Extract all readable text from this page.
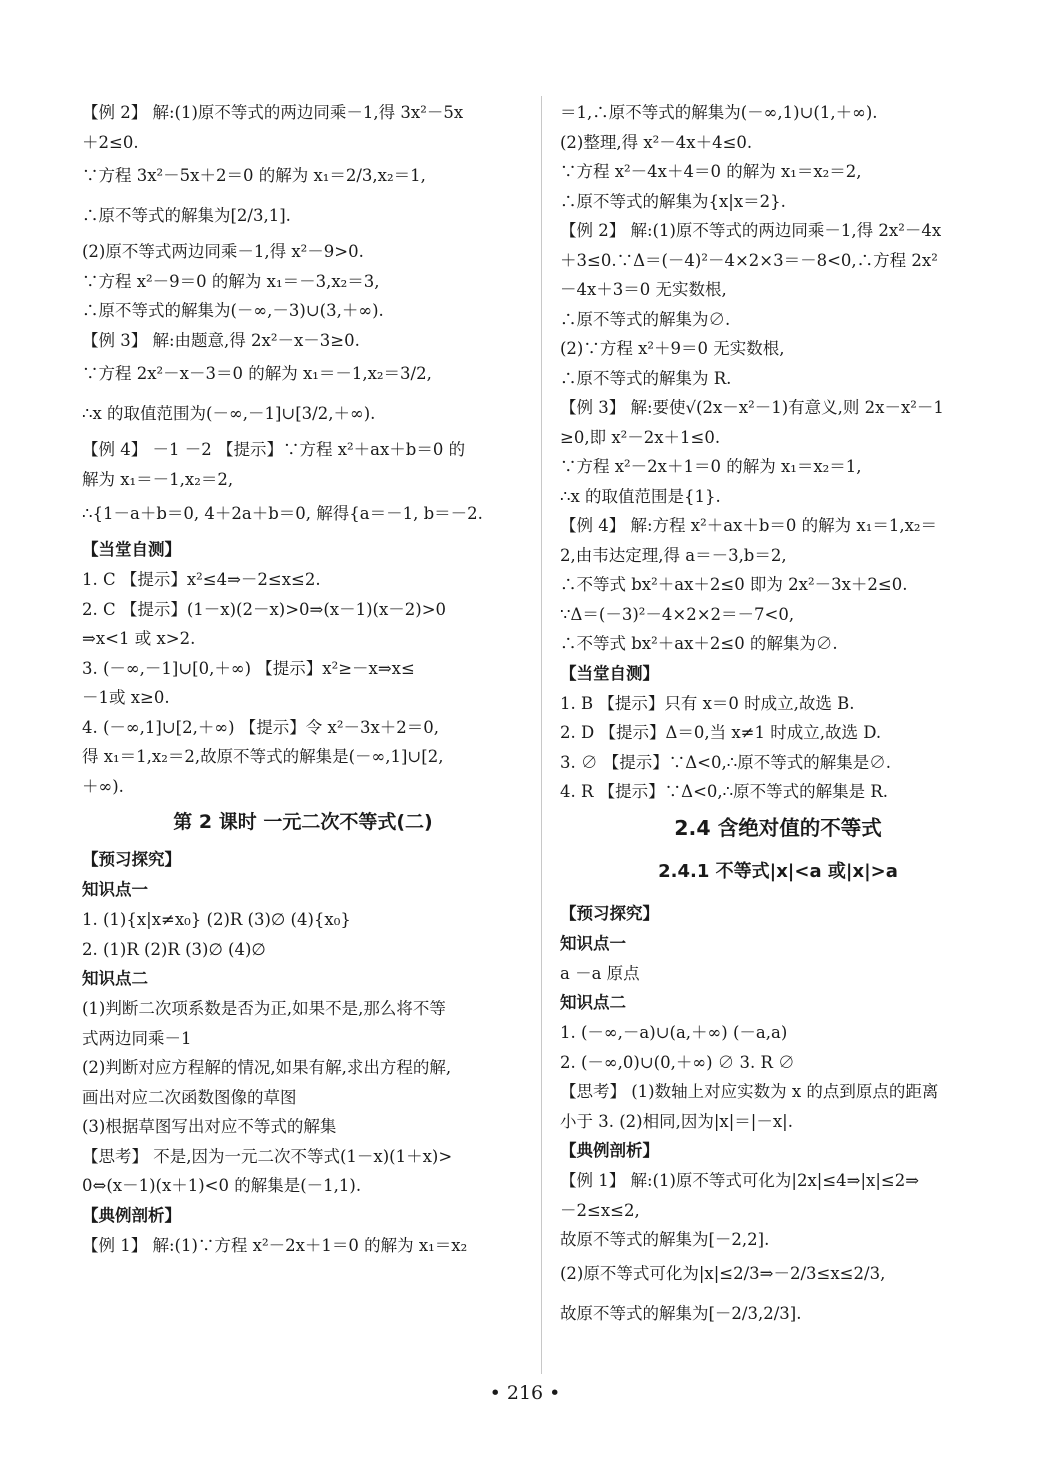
【例 2】 解:(1)原不等式的两边同乘－1,得 3x²－5x
＋2≤0.
∵方程 3x²－5x＋2＝0 的解为 x₁＝2/3,x₂＝1,
∴原不等式的解集为[2/3,1].
(2)原不等式两边同乘－1,得 x²－9>0.
∵方程 x²－9＝0 的解为 x₁＝－3,x₂＝3,
∴原不等式的解集为(－∞,－3)∪(3,＋∞).
【例 3】 解:由题意,得 2x²－x－3≥0.
∵方程 2x²－x－3＝0 的解为 x₁＝－1,x₂＝3/2,
∴x 的取值范围为(－∞,－1]∪[3/2,＋∞).
【例 4】 －1 －2 【提示】∵方程 x²＋ax＋b＝0 的
解为 x₁＝－1,x₂＝2,
∴{1－a＋b＝0, 4＋2a＋b＝0, 解得{a＝－1, b＝－2.
【当堂自测】
1. C 【提示】x²≤4⇒－2≤x≤2.
2. C 【提示】(1－x)(2－x)>0⇒(x－1)(x－2)>0
⇒x<1 或 x>2.
3. (－∞,－1]∪[0,＋∞) 【提示】x²≥－x⇒x≤
－1或 x≥0.
4. (－∞,1]∪[2,＋∞) 【提示】令 x²－3x＋2＝0,
得 x₁＝1,x₂＝2,故原不等式的解集是(－∞,1]∪[2,
＋∞).
第 2 课时 一元二次不等式(二)
【预习探究】
知识点一
1. (1){x|x≠x₀} (2)R (3)∅ (4){x₀}
2. (1)R (2)R (3)∅ (4)∅
知识点二
(1)判断二次项系数是否为正,如果不是,那么将不等
式两边同乘－1
(2)判断对应方程解的情况,如果有解,求出方程的解,
画出对应二次函数图像的草图
(3)根据草图写出对应不等式的解集
【思考】 不是,因为一元二次不等式(1－x)(1＋x)>
0⇔(x－1)(x＋1)<0 的解集是(－1,1).
【典例剖析】
【例 1】 解:(1)∵方程 x²－2x＋1＝0 的解为 x₁＝x₂
＝1,∴原不等式的解集为(－∞,1)∪(1,＋∞).
(2)整理,得 x²－4x＋4≤0.
∵方程 x²－4x＋4＝0 的解为 x₁＝x₂＝2,
∴原不等式的解集为{x|x＝2}.
【例 2】 解:(1)原不等式的两边同乘－1,得 2x²－4x
＋3≤0.∵Δ＝(－4)²－4×2×3＝－8<0,∴方程 2x²
－4x＋3＝0 无实数根,
∴原不等式的解集为∅.
(2)∵方程 x²＋9＝0 无实数根,
∴原不等式的解集为 R.
【例 3】 解:要使√(2x－x²－1)有意义,则 2x－x²－1
≥0,即 x²－2x＋1≤0.
∵方程 x²－2x＋1＝0 的解为 x₁＝x₂＝1,
∴x 的取值范围是{1}.
【例 4】 解:方程 x²＋ax＋b＝0 的解为 x₁＝1,x₂＝
2,由韦达定理,得 a＝－3,b＝2,
∴不等式 bx²＋ax＋2≤0 即为 2x²－3x＋2≤0.
∵Δ＝(－3)²－4×2×2＝－7<0,
∴不等式 bx²＋ax＋2≤0 的解集为∅.
【当堂自测】
1. B 【提示】只有 x＝0 时成立,故选 B.
2. D 【提示】Δ＝0,当 x≠1 时成立,故选 D.
3. ∅ 【提示】∵Δ<0,∴原不等式的解集是∅.
4. R 【提示】∵Δ<0,∴原不等式的解集是 R.
2.4 含绝对值的不等式
2.4.1 不等式|x|<a 或|x|>a
【预习探究】
知识点一
a －a 原点
知识点二
1. (－∞,－a)∪(a,＋∞) (－a,a)
2. (－∞,0)∪(0,＋∞) ∅ 3. R ∅
【思考】 (1)数轴上对应实数为 x 的点到原点的距离
小于 3. (2)相同,因为|x|＝|－x|.
【典例剖析】
【例 1】 解:(1)原不等式可化为|2x|≤4⇒|x|≤2⇒
－2≤x≤2,
故原不等式的解集为[－2,2].
(2)原不等式可化为|x|≤2/3⇒－2/3≤x≤2/3,
故原不等式的解集为[－2/3,2/3].
• 216 •
